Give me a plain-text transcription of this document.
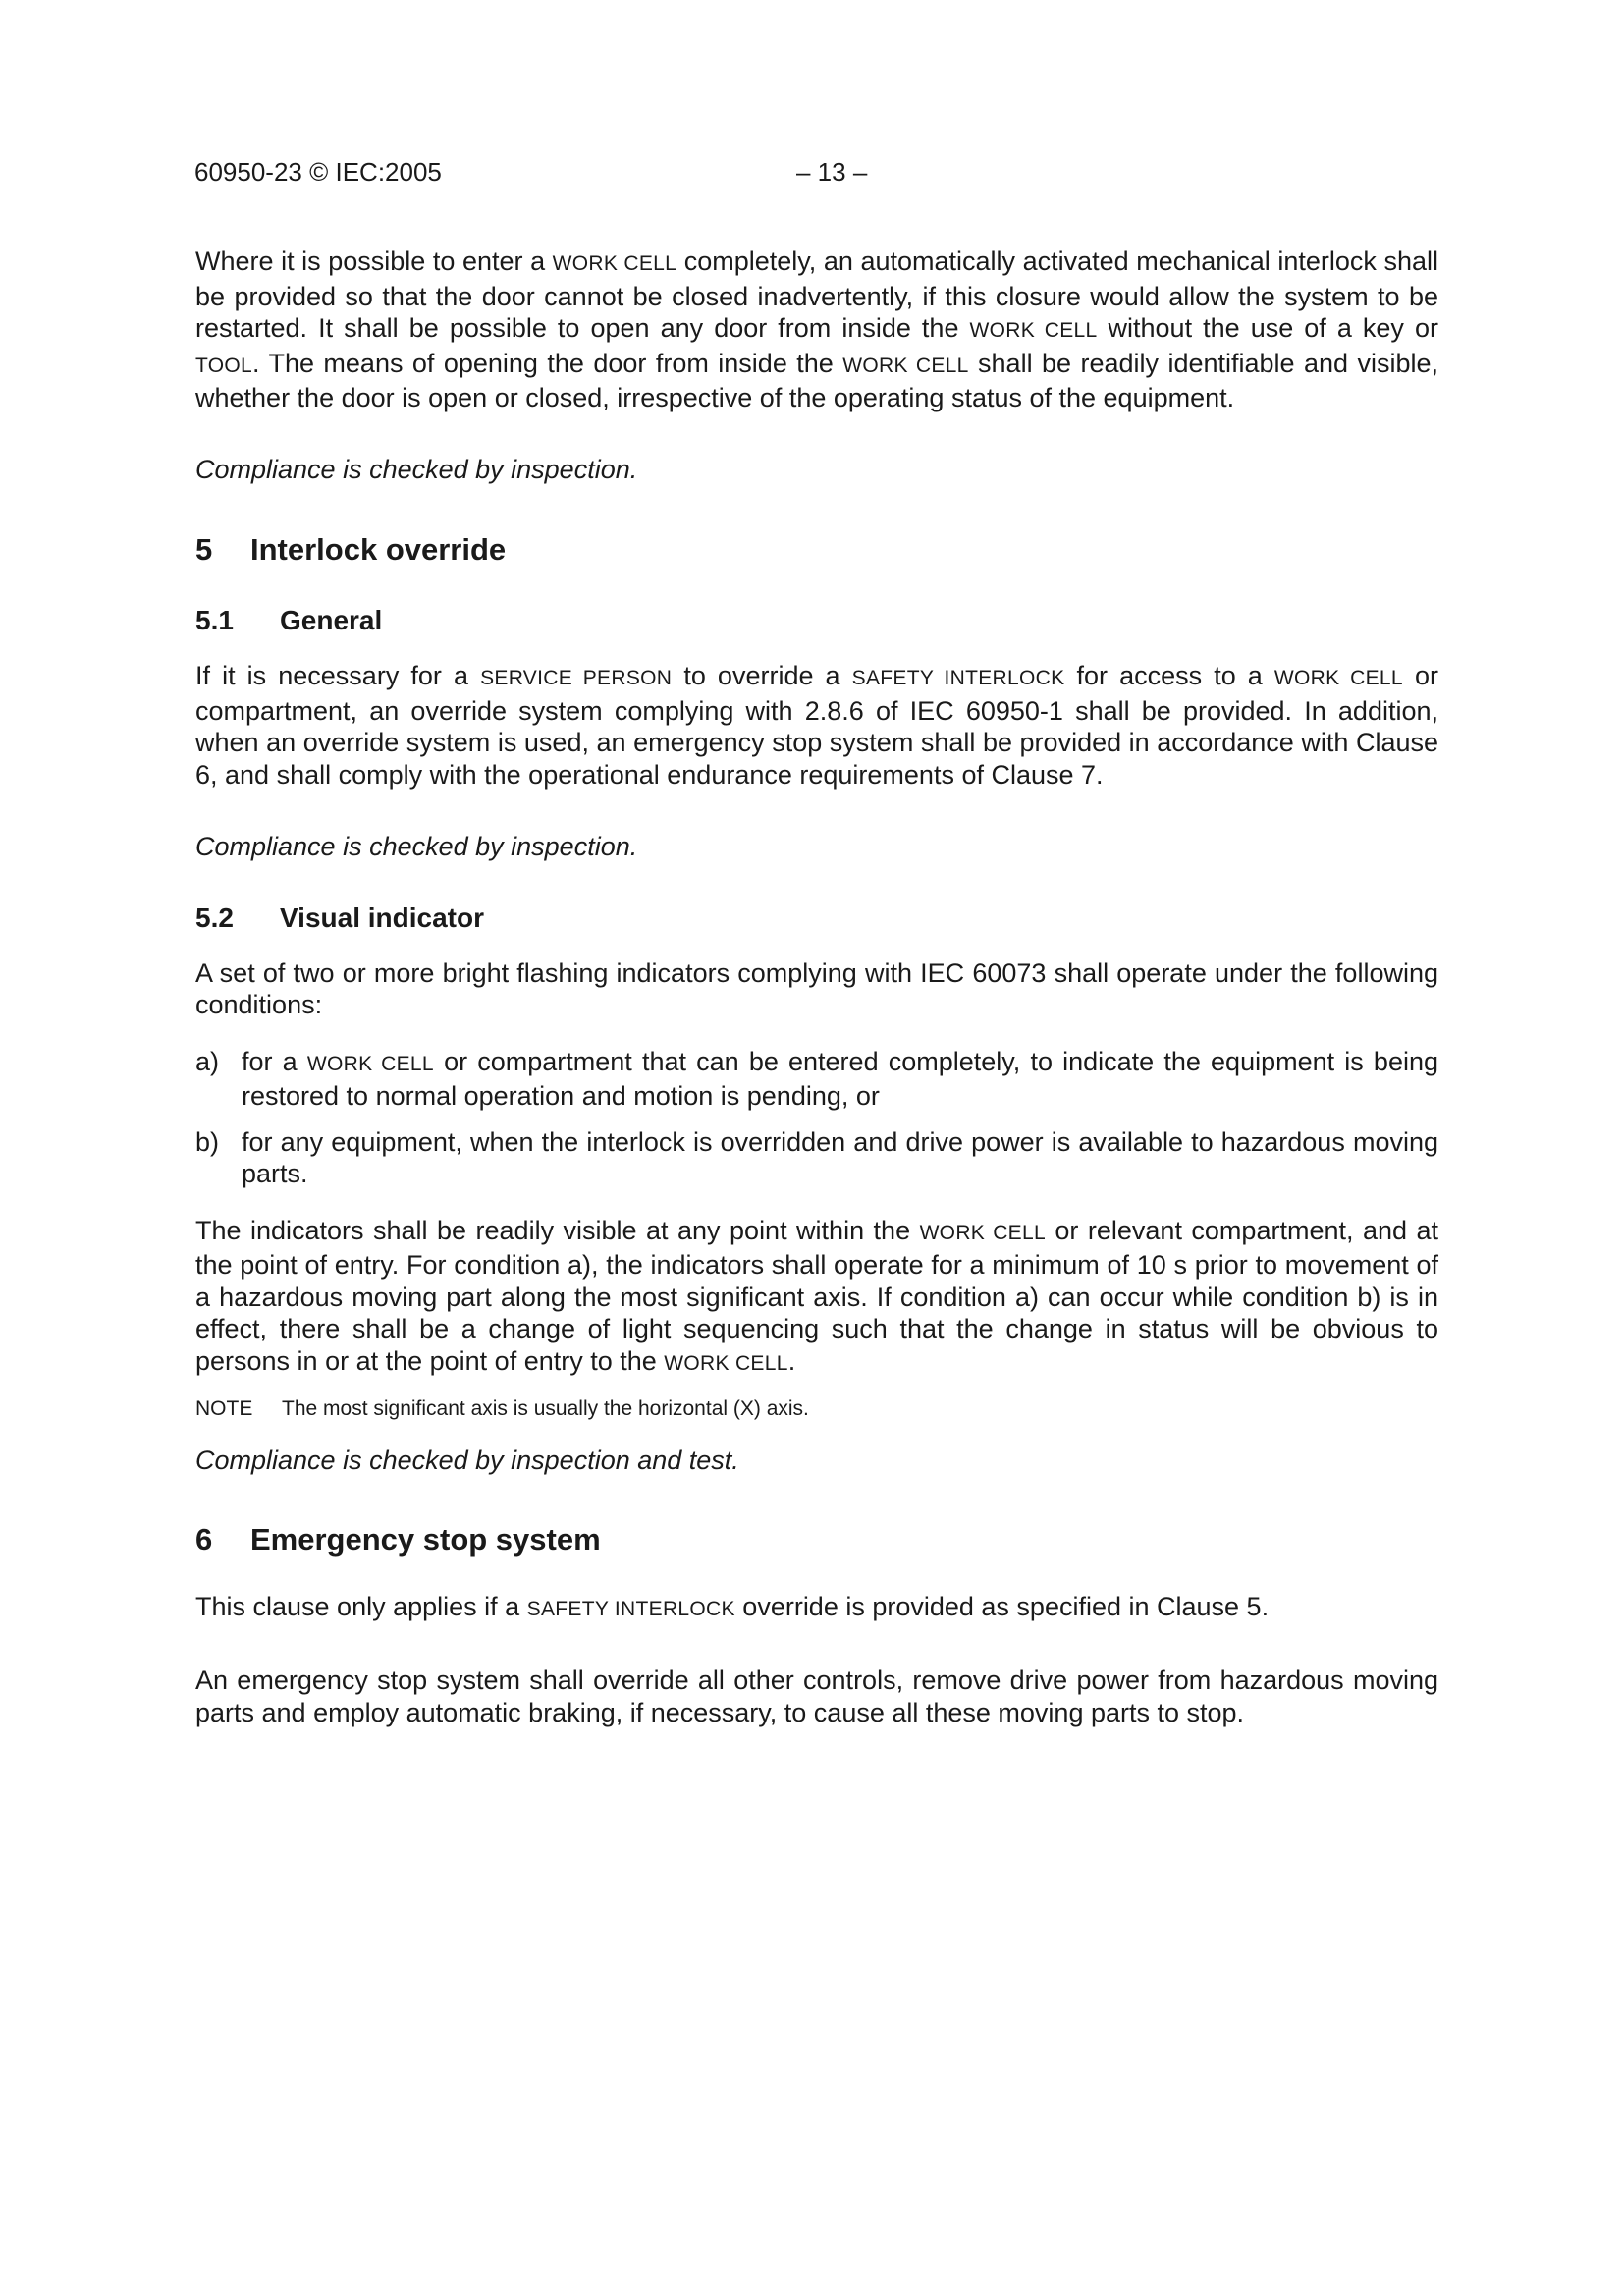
60950-23 © IEC:2005	– 13 –

Where it is possible to enter a WORK CELL completely, an automatically activated mechanical interlock shall be provided so that the door cannot be closed inadvertently, if this closure would allow the system to be restarted. It shall be possible to open any door from inside the WORK CELL without the use of a key or TOOL. The means of opening the door from inside the WORK CELL shall be readily identifiable and visible, whether the door is open or closed, irrespective of the operating status of the equipment.

Compliance is checked by inspection.

5	Interlock override
5.1	General

If it is necessary for a SERVICE PERSON to override a SAFETY INTERLOCK for access to a WORK CELL or compartment, an override system complying with 2.8.6 of IEC 60950-1 shall be provided. In addition, when an override system is used, an emergency stop system shall be provided in accordance with Clause 6, and shall comply with the operational endurance requirements of Clause 7.

Compliance is checked by inspection.

5.2	Visual indicator

A set of two or more bright flashing indicators complying with IEC 60073 shall operate under the following conditions:

a) for a WORK CELL or compartment that can be entered completely, to indicate the equipment is being restored to normal operation and motion is pending, or
b) for any equipment, when the interlock is overridden and drive power is available to hazardous moving parts.

The indicators shall be readily visible at any point within the WORK CELL or relevant compartment, and at the point of entry. For condition a), the indicators shall operate for a minimum of 10 s prior to movement of a hazardous moving part along the most significant axis. If condition a) can occur while condition b) is in effect, there shall be a change of light sequencing such that the change in status will be obvious to persons in or at the point of entry to the WORK CELL.

NOTE	The most significant axis is usually the horizontal (X) axis.

Compliance is checked by inspection and test.

6	Emergency stop system

This clause only applies if a SAFETY INTERLOCK override is provided as specified in Clause 5.

An emergency stop system shall override all other controls, remove drive power from hazardous moving parts and employ automatic braking, if necessary, to cause all these moving parts to stop.
